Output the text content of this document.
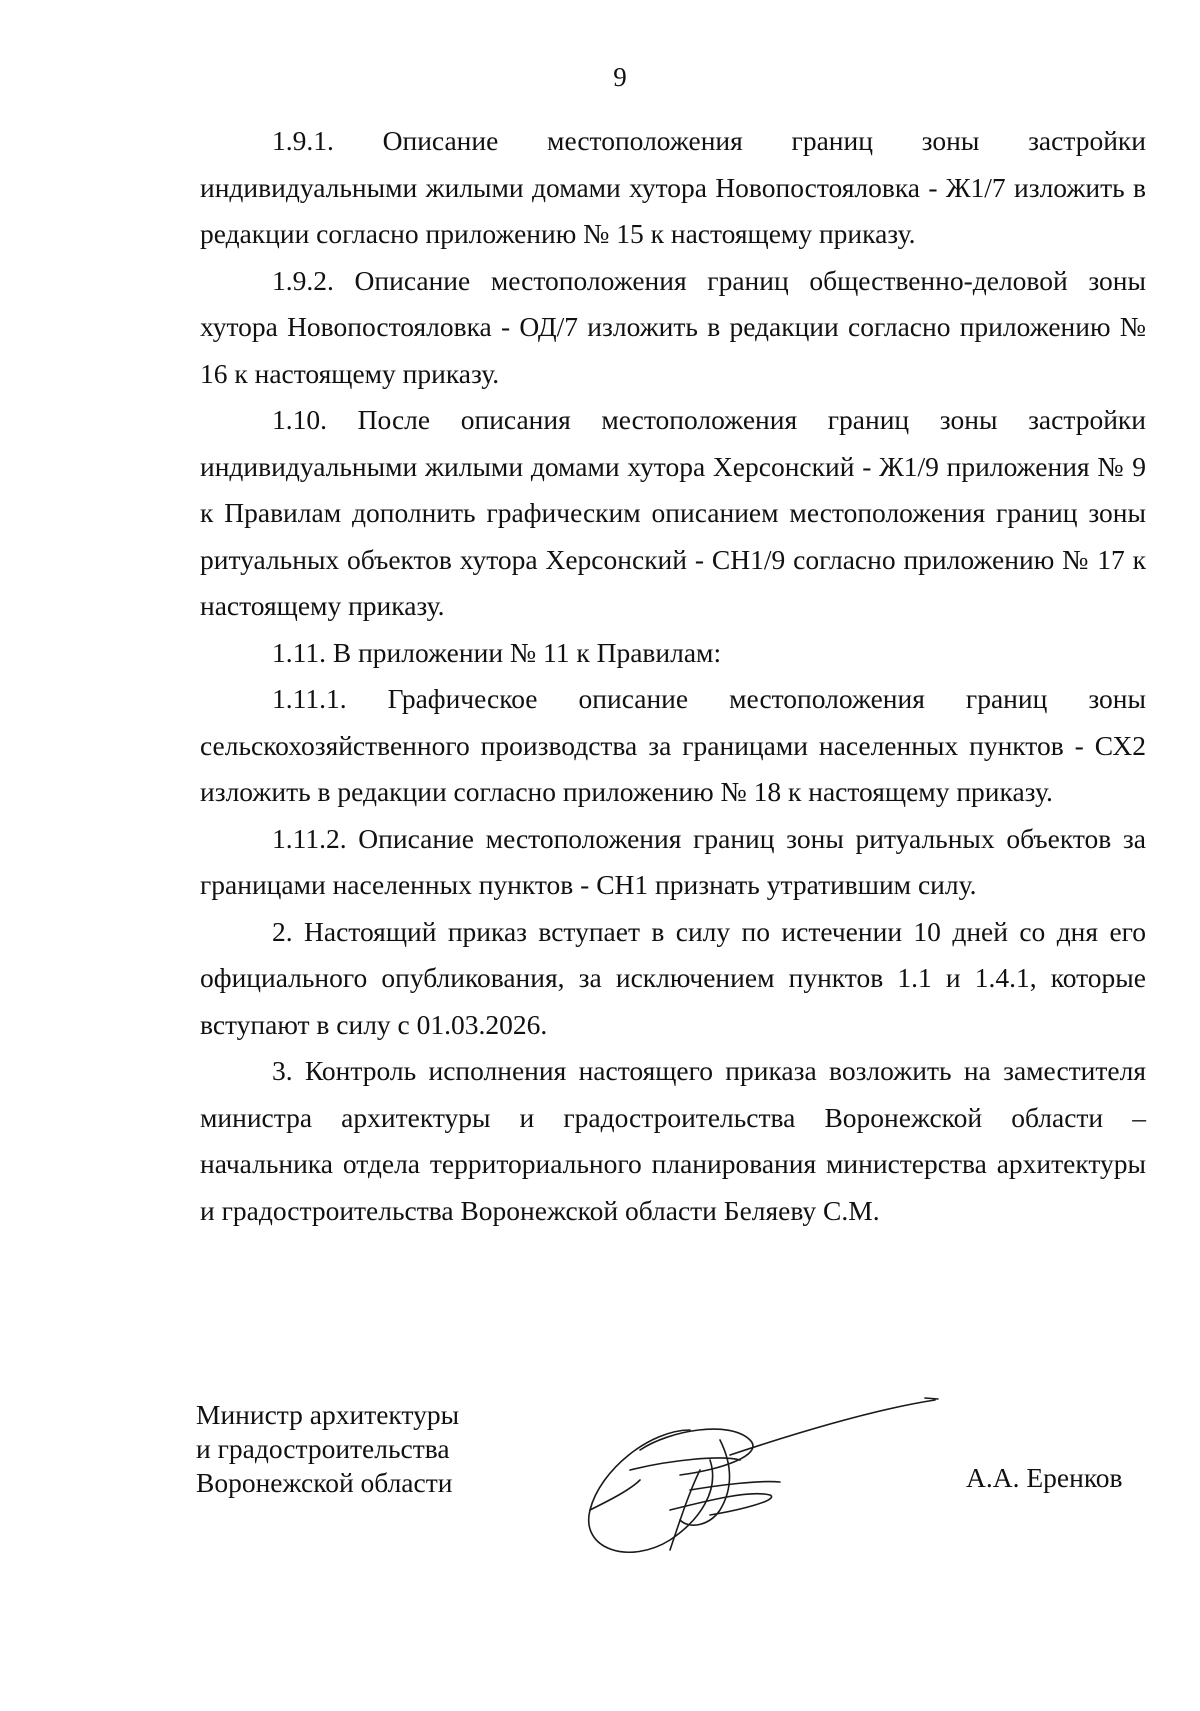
9

1.9.1. Описание местоположения границ зоны застройки индивидуальными жилыми домами хутора Новопостояловка - Ж1/7 изложить в редакции согласно приложению № 15 к настоящему приказу.

1.9.2. Описание местоположения границ общественно-деловой зоны хутора Новопостояловка - ОД/7 изложить в редакции согласно приложению № 16 к настоящему приказу.

1.10. После описания местоположения границ зоны застройки индивидуальными жилыми домами хутора Херсонский - Ж1/9 приложения № 9 к Правилам дополнить графическим описанием местоположения границ зоны ритуальных объектов хутора Херсонский - СН1/9 согласно приложению № 17 к настоящему приказу.

1.11. В приложении № 11 к Правилам:

1.11.1. Графическое описание местоположения границ зоны сельскохозяйственного производства за границами населенных пунктов - СХ2 изложить в редакции согласно приложению № 18 к настоящему приказу.

1.11.2. Описание местоположения границ зоны ритуальных объектов за границами населенных пунктов - СН1 признать утратившим силу.

2. Настоящий приказ вступает в силу по истечении 10 дней со дня его официального опубликования, за исключением пунктов 1.1 и 1.4.1, которые вступают в силу с 01.03.2026.

3. Контроль исполнения настоящего приказа возложить на заместителя министра архитектуры и градостроительства Воронежской области – начальника отдела территориального планирования министерства архитектуры и градостроительства Воронежской области Беляеву С.М.

Министр архитектуры
и градостроительства
Воронежской области	А.А. Еренков
